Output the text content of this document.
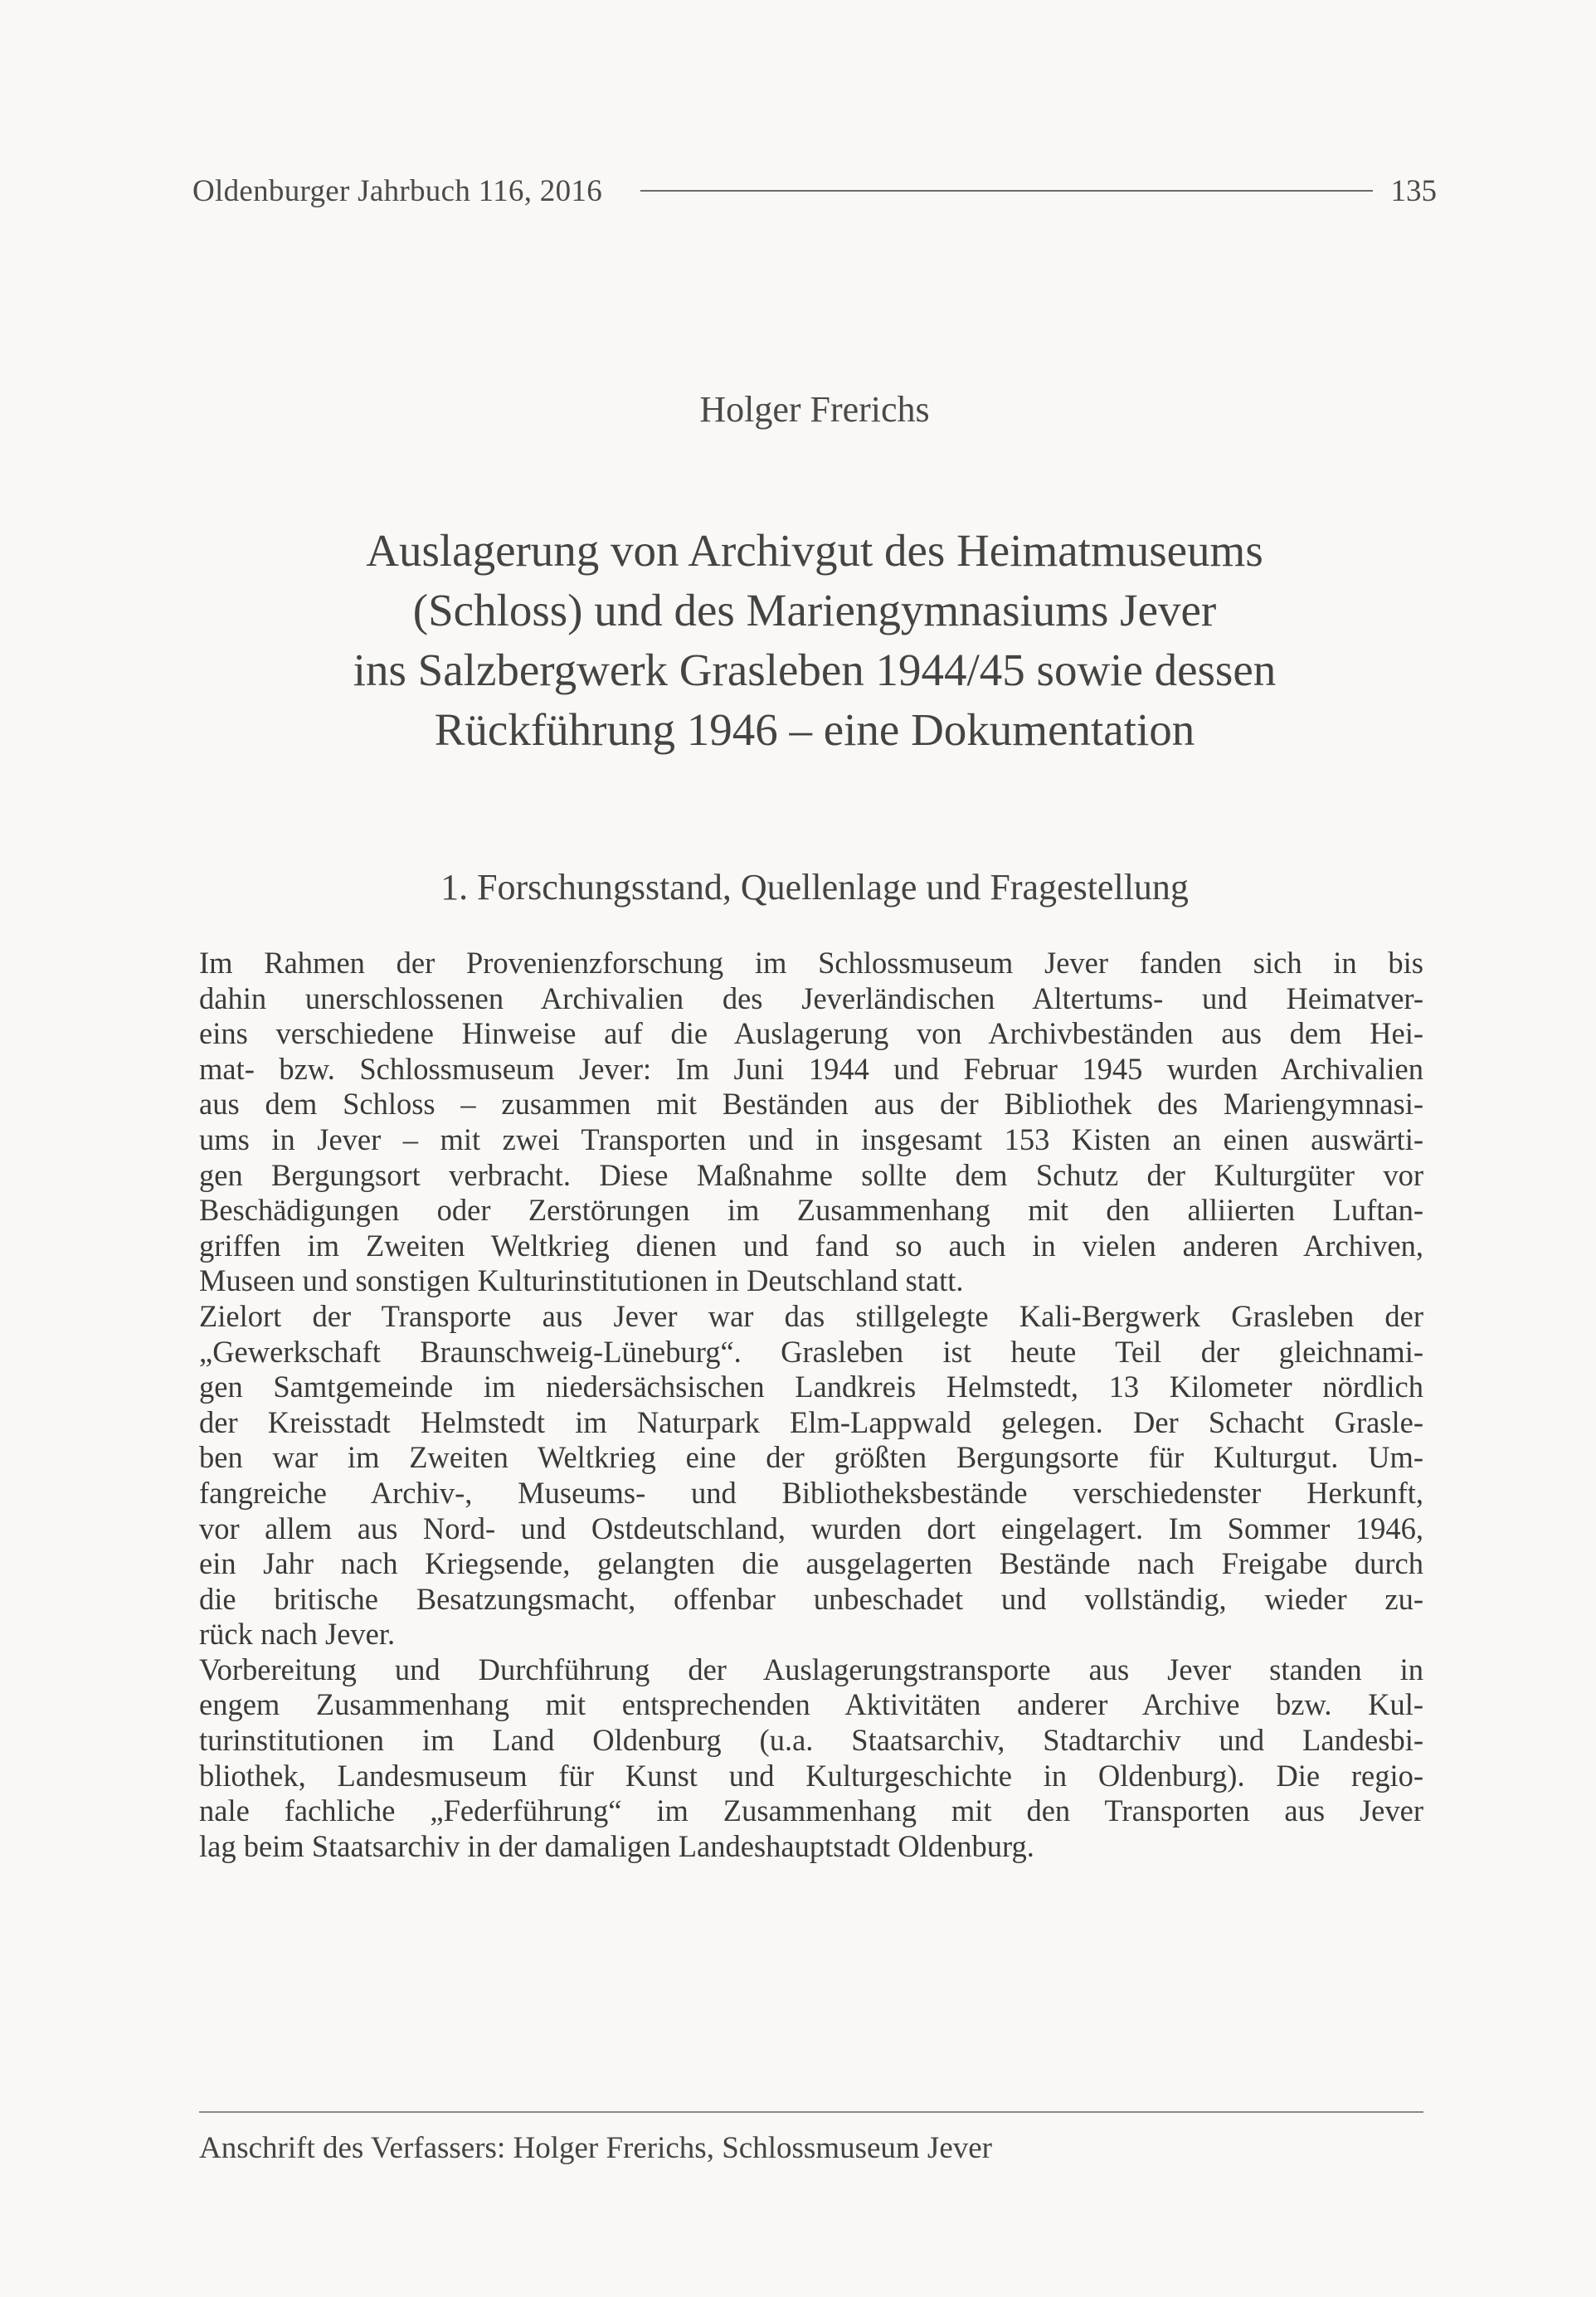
Oldenburger Jahrbuch 116, 2016	135
Holger Frerichs
Auslagerung von Archivgut des Heimatmuseums
(Schloss) und des Mariengymnasiums Jever
ins Salzbergwerk Grasleben 1944/45 sowie dessen
Rückführung 1946 – eine Dokumentation
1. Forschungsstand, Quellenlage und Fragestellung
Im Rahmen der Provenienzforschung im Schlossmuseum Jever fanden sich in bis
dahin unerschlossenen Archivalien des Jeverländischen Altertums- und Heimatver-
eins verschiedene Hinweise auf die Auslagerung von Archivbeständen aus dem Hei-
mat- bzw. Schlossmuseum Jever: Im Juni 1944 und Februar 1945 wurden Archivalien
aus dem Schloss – zusammen mit Beständen aus der Bibliothek des Mariengymnasi-
ums in Jever – mit zwei Transporten und in insgesamt 153 Kisten an einen auswärti-
gen Bergungsort verbracht. Diese Maßnahme sollte dem Schutz der Kulturgüter vor
Beschädigungen oder Zerstörungen im Zusammenhang mit den alliierten Luftan-
griffen im Zweiten Weltkrieg dienen und fand so auch in vielen anderen Archiven,
Museen und sonstigen Kulturinstitutionen in Deutschland statt.
Zielort der Transporte aus Jever war das stillgelegte Kali-Bergwerk Grasleben der
„Gewerkschaft Braunschweig-Lüneburg“. Grasleben ist heute Teil der gleichnami-
gen Samtgemeinde im niedersächsischen Landkreis Helmstedt, 13 Kilometer nördlich
der Kreisstadt Helmstedt im Naturpark Elm-Lappwald gelegen. Der Schacht Grasle-
ben war im Zweiten Weltkrieg eine der größten Bergungsorte für Kulturgut. Um-
fangreiche Archiv-, Museums- und Bibliotheksbestände verschiedenster Herkunft,
vor allem aus Nord- und Ostdeutschland, wurden dort eingelagert. Im Sommer 1946,
ein Jahr nach Kriegsende, gelangten die ausgelagerten Bestände nach Freigabe durch
die britische Besatzungsmacht, offenbar unbeschadet und vollständig, wieder zu-
rück nach Jever.
Vorbereitung und Durchführung der Auslagerungstransporte aus Jever standen in
engem Zusammenhang mit entsprechenden Aktivitäten anderer Archive bzw. Kul-
turinstitutionen im Land Oldenburg (u.a. Staatsarchiv, Stadtarchiv und Landesbi-
bliothek, Landesmuseum für Kunst und Kulturgeschichte in Oldenburg). Die regio-
nale fachliche „Federführung“ im Zusammenhang mit den Transporten aus Jever
lag beim Staatsarchiv in der damaligen Landeshauptstadt Oldenburg.
Anschrift des Verfassers: Holger Frerichs, Schlossmuseum Jever
